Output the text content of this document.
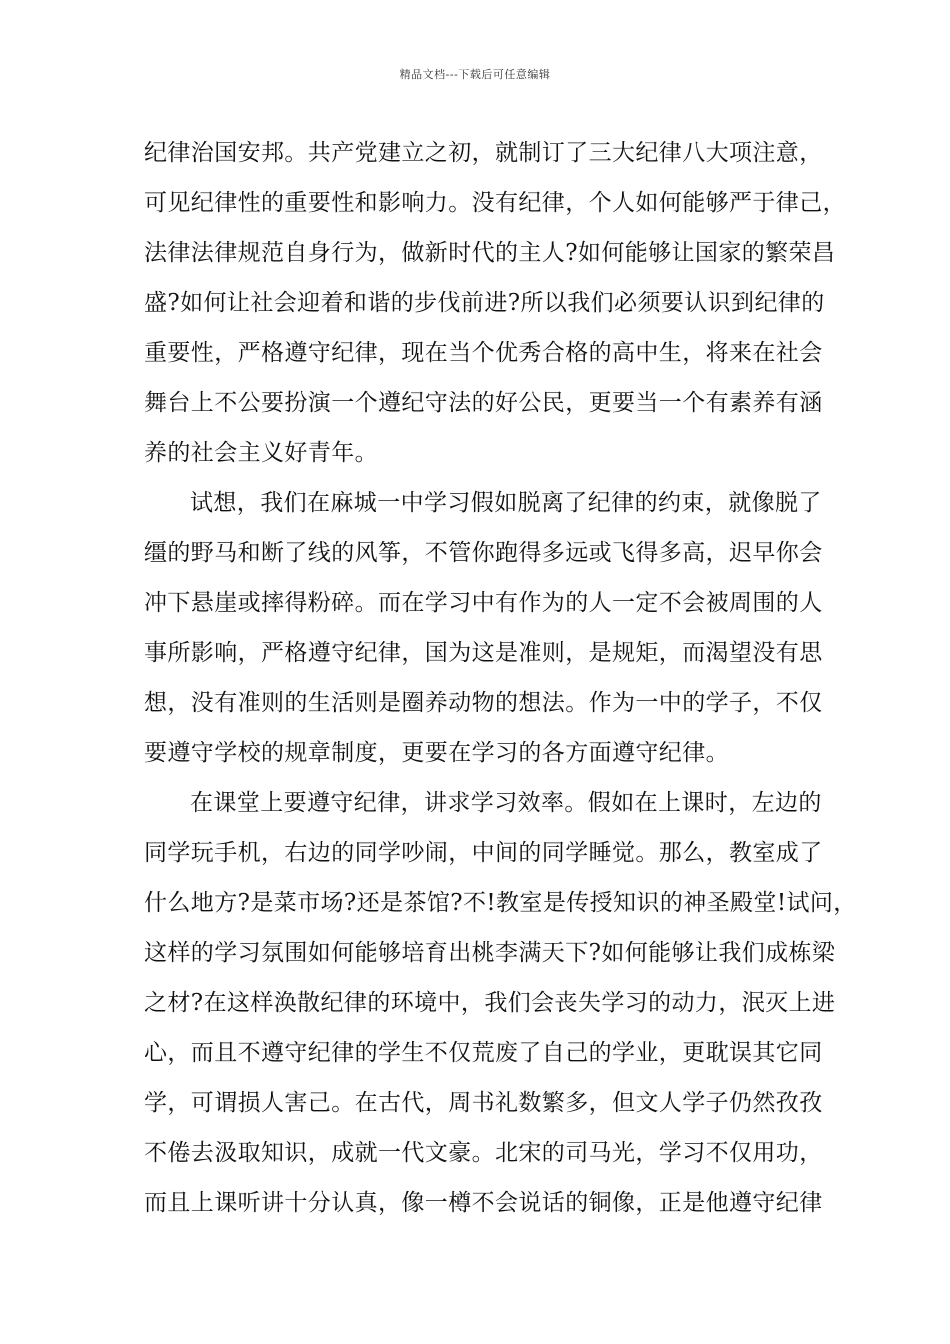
精品文档---下载后可任意编辑
纪律治国安邦。共产党建立之初，就制订了三大纪律八大项注意，
可见纪律性的重要性和影响力。没有纪律，个人如何能够严于律己，
法律法律规范自身行为，做新时代的主人?如何能够让国家的繁荣昌
盛?如何让社会迎着和谐的步伐前进?所以我们必须要认识到纪律的
重要性，严格遵守纪律，现在当个优秀合格的高中生，将来在社会
舞台上不公要扮演一个遵纪守法的好公民，更要当一个有素养有涵
养的社会主义好青年。
试想，我们在麻城一中学习假如脱离了纪律的约束，就像脱了
缰的野马和断了线的风筝，不管你跑得多远或飞得多高，迟早你会
冲下悬崖或摔得粉碎。而在学习中有作为的人一定不会被周围的人
事所影响，严格遵守纪律，国为这是准则，是规矩，而渴望没有思
想，没有准则的生活则是圈养动物的想法。作为一中的学子，不仅
要遵守学校的规章制度，更要在学习的各方面遵守纪律。
在课堂上要遵守纪律，讲求学习效率。假如在上课时，左边的
同学玩手机，右边的同学吵闹，中间的同学睡觉。那么，教室成了
什么地方?是菜市场?还是茶馆?不!教室是传授知识的神圣殿堂!试问，
这样的学习氛围如何能够培育出桃李满天下?如何能够让我们成栋梁
之材?在这样涣散纪律的环境中，我们会丧失学习的动力，泯灭上进
心，而且不遵守纪律的学生不仅荒废了自己的学业，更耽误其它同
学，可谓损人害己。在古代，周书礼数繁多，但文人学子仍然孜孜
不倦去汲取知识，成就一代文豪。北宋的司马光，学习不仅用功，
而且上课听讲十分认真，像一樽不会说话的铜像，正是他遵守纪律
